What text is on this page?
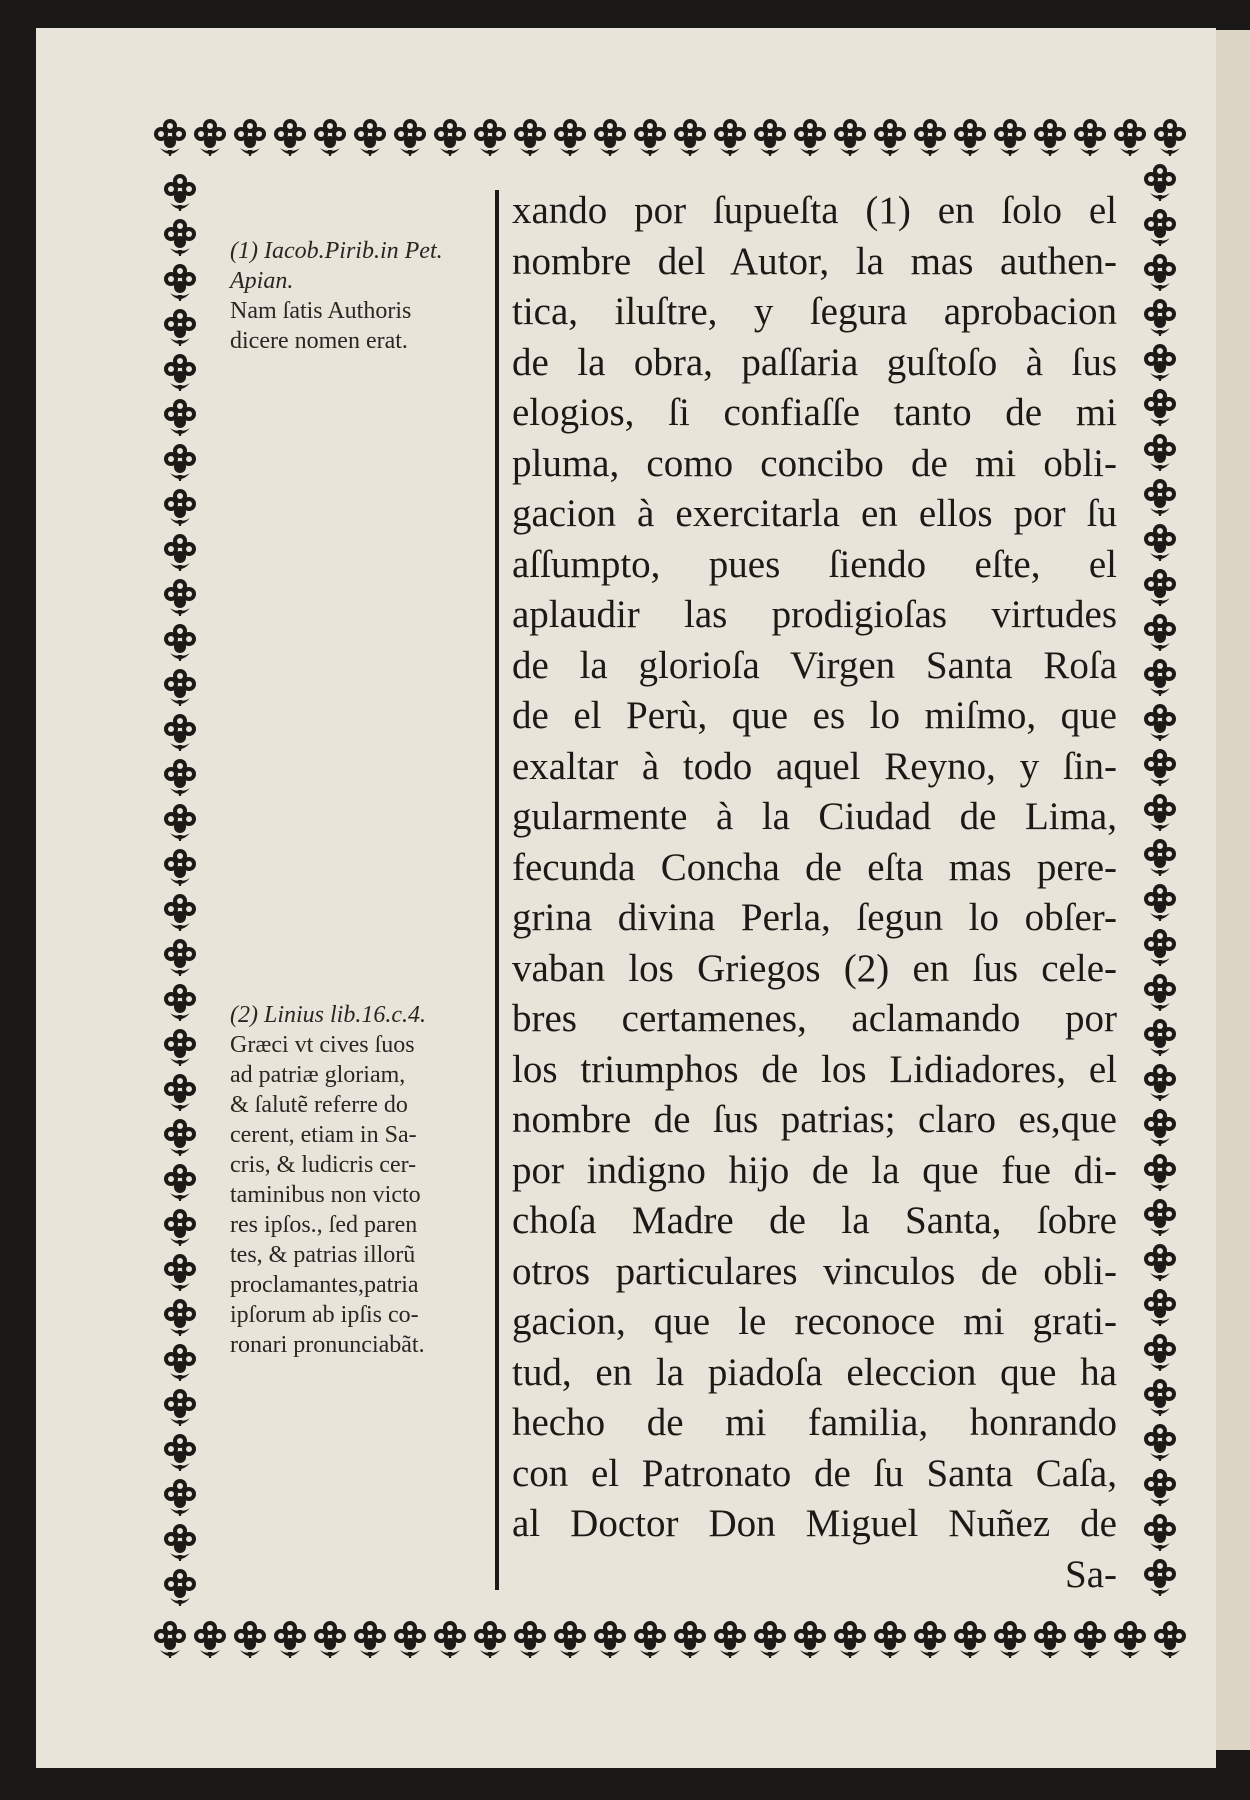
(1) Iacob.Pirib.in Pet. Apian.

Nam ſatis Authoris

dicere nomen erat.

(2) Linius lib.16.c.4.

Græci vt cives ſuos

ad patriæ gloriam,

& ſalutẽ referre do

cerent, etiam in Sa-

cris, & ludicris cer-

taminibus non victo

res ipſos., ſed paren

tes, & patrias illorũ

proclamantes,patria

ipſorum ab ipſis co-

ronari pronunciabãt.

xando por ſupueſta (1) en ſolo el
nombre del Autor, la mas authen-
tica, iluſtre, y ſegura aprobacion
de la obra, paſſaria guſtoſo à ſus
elogios, ſi confiaſſe tanto de mi
pluma, como concibo de mi obli-
gacion à exercitarla en ellos por ſu
aſſumpto, pues ſiendo eſte, el
aplaudir las prodigioſas virtudes
de la glorioſa Virgen Santa Roſa
de el Perù, que es lo miſmo, que
exaltar à todo aquel Reyno, y ſin-
gularmente à la Ciudad de Lima,
fecunda Concha de eſta mas pere-
grina divina Perla, ſegun lo obſer-
vaban los Griegos (2) en ſus cele-
bres certamenes, aclamando por
los triumphos de los Lidiadores, el
nombre de ſus patrias; claro es,que
por indigno hijo de la que fue di-
choſa Madre de la Santa, ſobre
otros particulares vinculos de obli-
gacion, que le reconoce mi grati-
tud, en la piadoſa eleccion que ha
hecho de mi familia, honrando
con el Patronato de ſu Santa Caſa,
al Doctor Don Miguel Nuñez de
Sa-
